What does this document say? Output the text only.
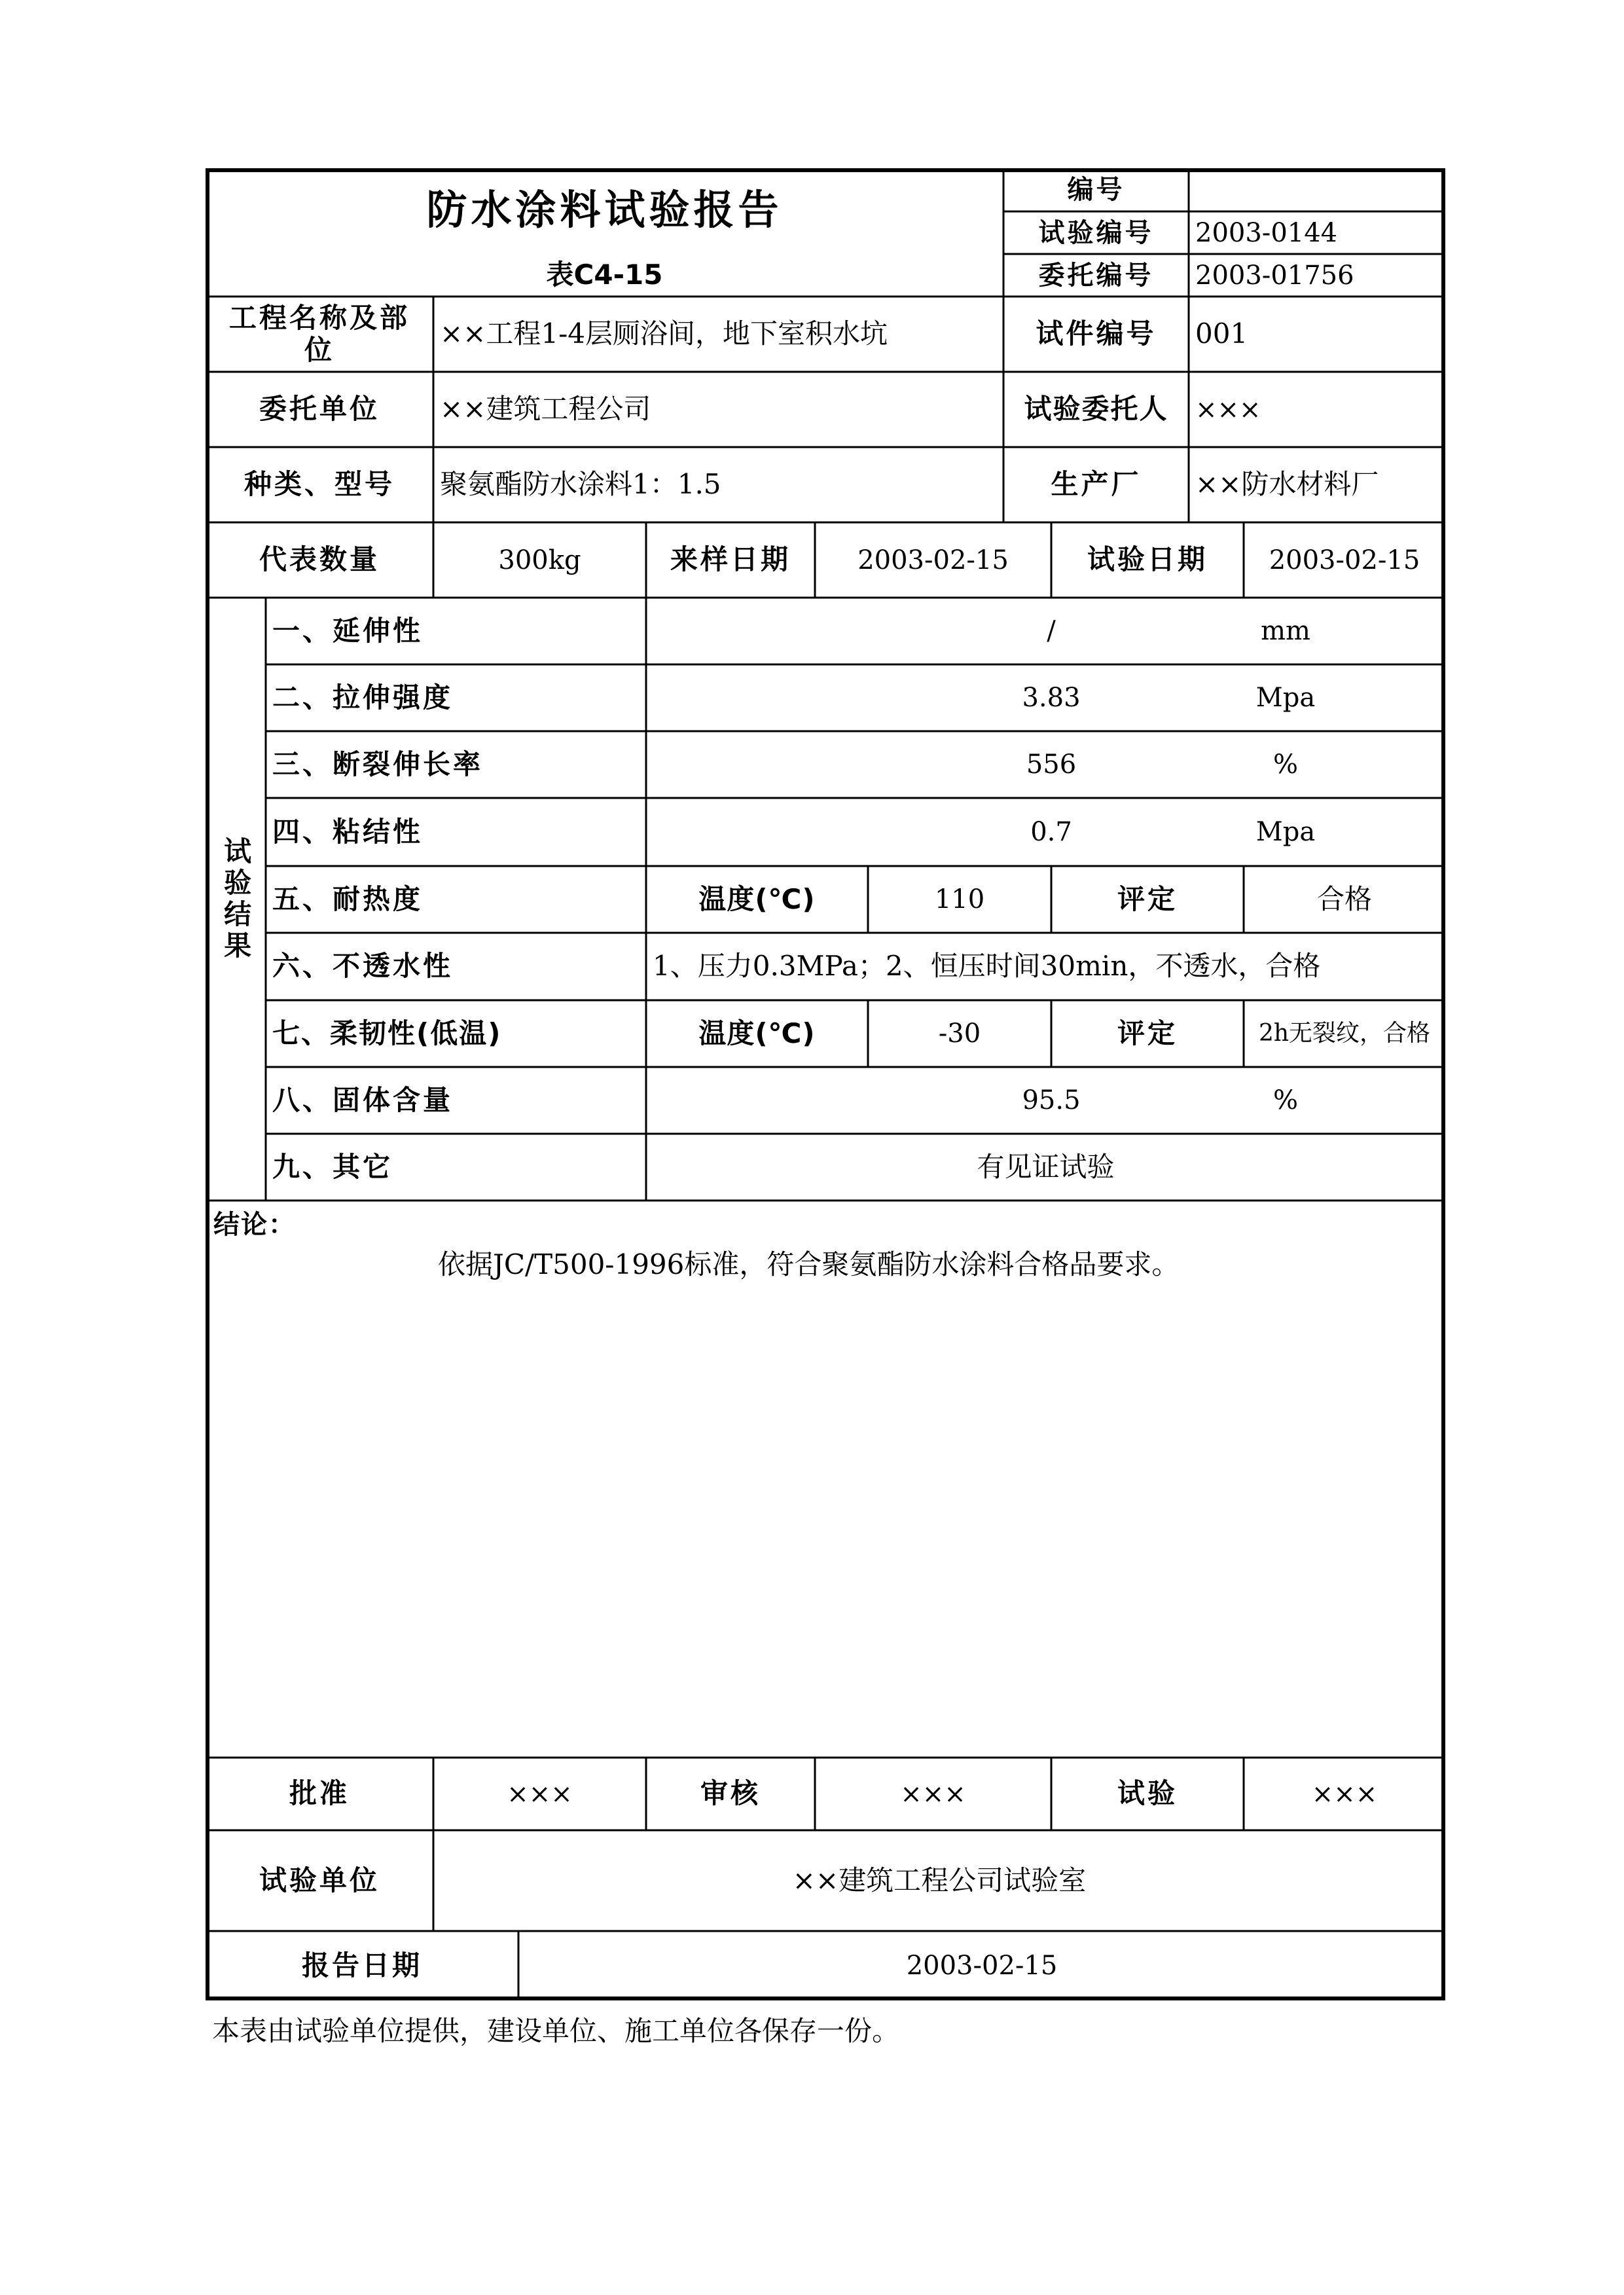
防水涂料试验报告
表C4-15
编号
试验编号	2003-0144
委托编号	2003-01756
工程名称及部位	××工程1-4层厕浴间，地下室积水坑	试件编号	001
委托单位	××建筑工程公司	试验委托人	×××
种类、型号	聚氨酯防水涂料1：1.5	生产厂	××防水材料厂
代表数量	300kg	来样日期	2003-02-15	试验日期	2003-02-15
试验结果
一、延伸性	/	mm
二、拉伸强度	3.83	Mpa
三、断裂伸长率	556	%
四、粘结性	0.7	Mpa
五、耐热度	温度(℃)	110	评定	合格
六、不透水性	1、压力0.3MPa；2、恒压时间30min，不透水，合格
七、柔韧性(低温)	温度(℃)	-30	评定	2h无裂纹，合格
八、固体含量	95.5	%
九、其它	有见证试验
结论：
依据JC/T500-1996标准，符合聚氨酯防水涂料合格品要求。
批准	×××	审核	×××	试验	×××
试验单位	××建筑工程公司试验室
报告日期	2003-02-15
本表由试验单位提供，建设单位、施工单位各保存一份。
